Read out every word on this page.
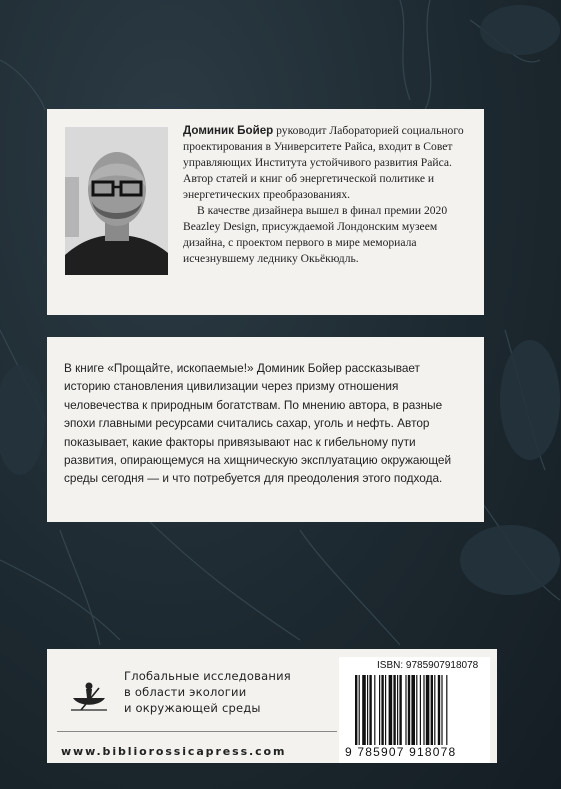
Доминик Бойер руководит Лабораторией социального проектирования в Университете Райса, входит в Совет управляющих Института устойчивого развития Райса. Автор статей и книг об энергетической политике и энергетических преобразованиях.

В качестве дизайнера вышел в финал премии 2020 Beazley Design, присуждаемой Лондонским музеем дизайна, с проектом первого в мире мемориала исчезнувшему леднику Окьёкюдль.

В книге «Прощайте, ископаемые!» Доминик Бойер рассказывает историю становления цивилизации через призму отношения человечества к природным богатствам. По мнению автора, в разные эпохи главными ресурсами считались сахар, уголь и нефть. Автор показывает, какие факторы привязывают нас к гибельному пути развития, опирающемуся на хищническую эксплуатацию окружающей среды сегодня — и что потребуется для преодоления этого подхода.
Глобальные исследования
в области экологии
и окружающей среды
www.bibliorossicapress.com
ISBN: 9785907918078
9 785907 918078
